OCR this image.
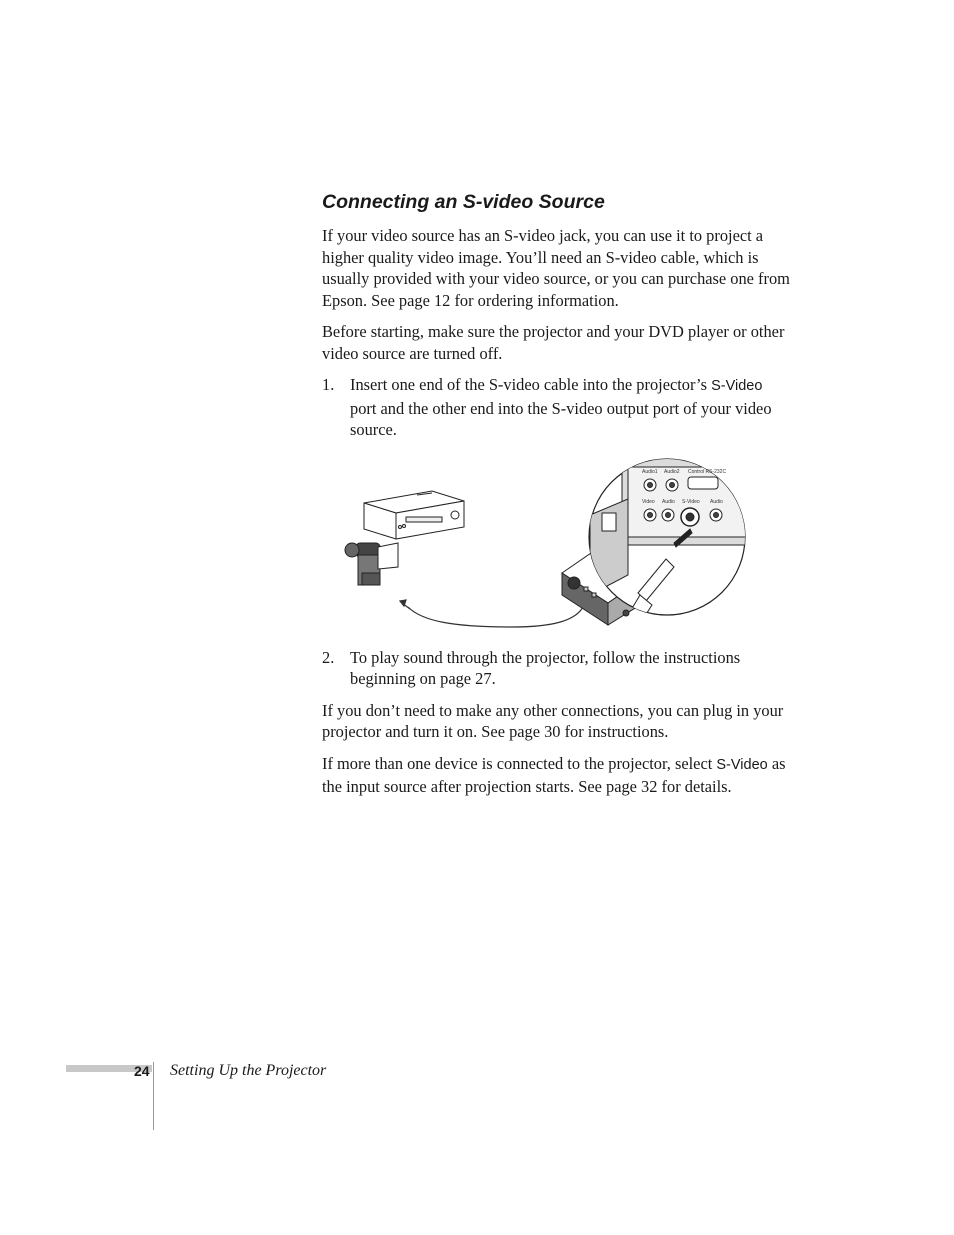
Connecting an S-video Source

If your video source has an S-video jack, you can use it to project a higher quality video image. You’ll need an S-video cable, which is usually provided with your video source, or you can purchase one from Epson. See page 12 for ordering information.

Before starting, make sure the projector and your DVD player or other video source are turned off.

1. Insert one end of the S-video cable into the projector’s S-Video port and the other end into the S-video output port of your video source.
Audio1 Audio2 Control RS-232C
Video Audio S-Video Audio
2. To play sound through the projector, follow the instructions beginning on page 27.

If you don’t need to make any other connections, you can plug in your projector and turn it on. See page 30 for instructions.

If more than one device is connected to the projector, select S-Video as the input source after projection starts. See page 32 for details.

24 Setting Up the Projector
